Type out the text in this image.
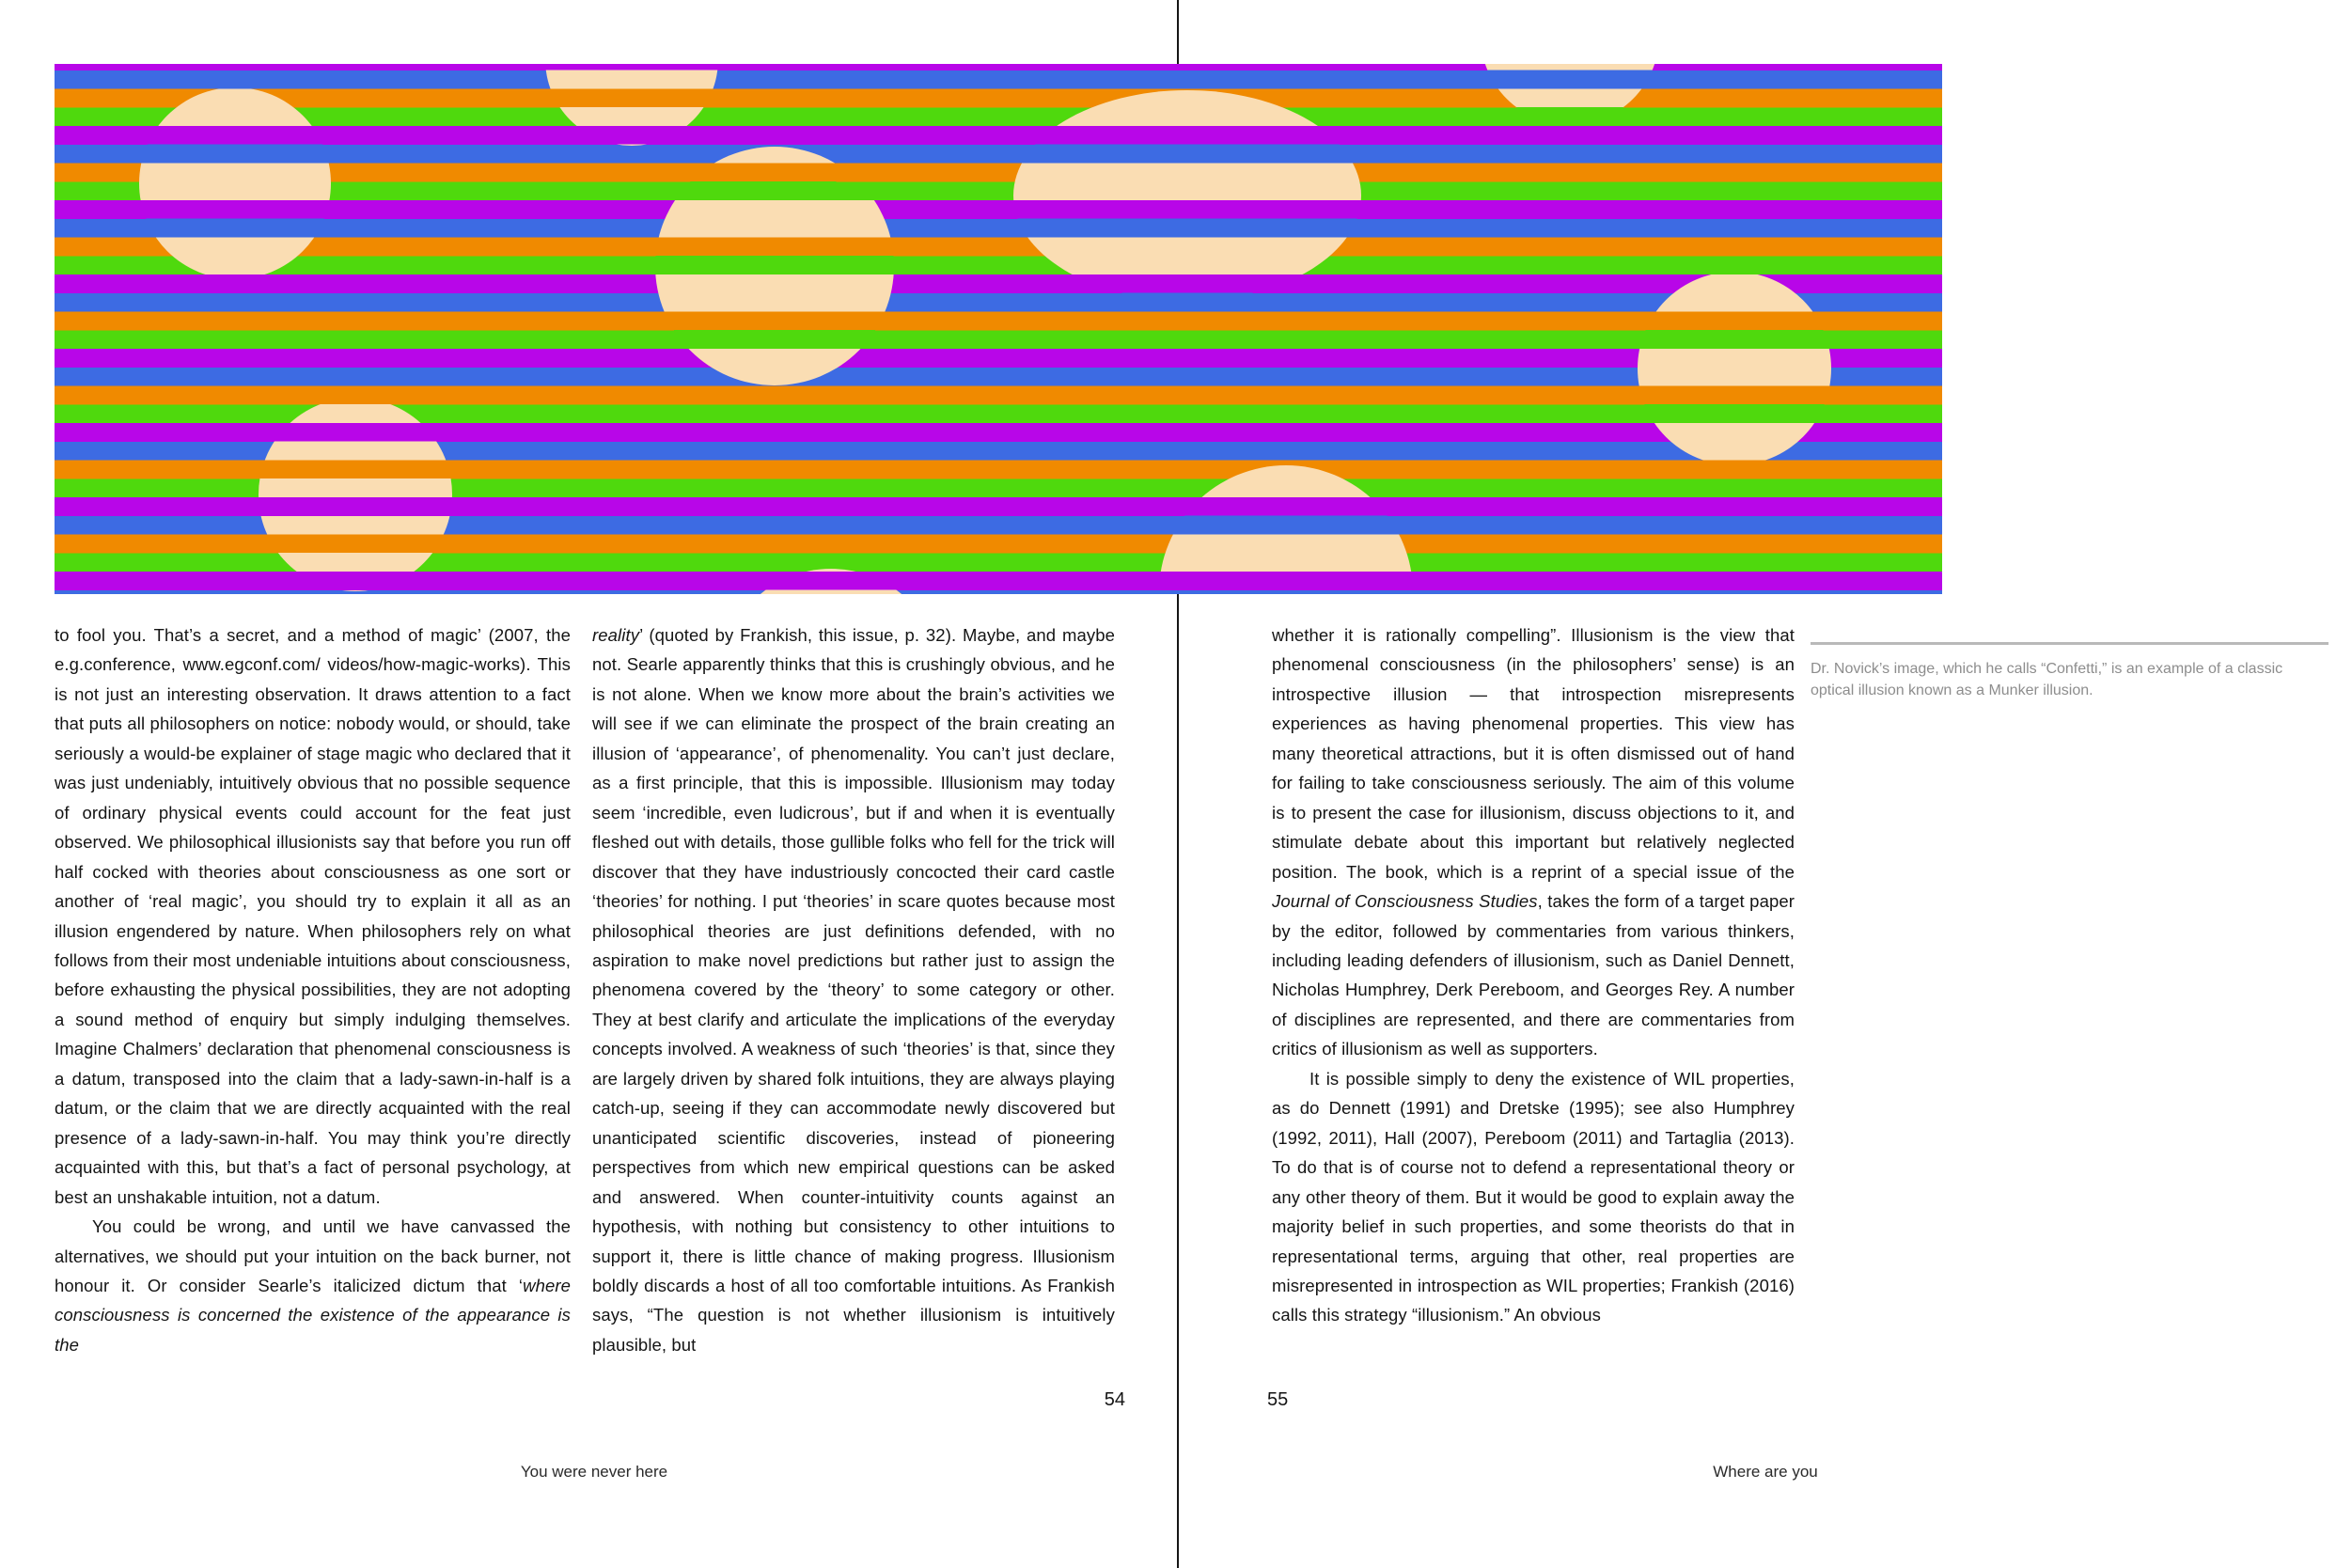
to fool you. That’s a secret, and a method of magic’ (2007, the e.g.conference, www.egconf.com/ videos/how-magic-works). This is not just an interesting observation. It draws attention to a fact that puts all philosophers on notice: nobody would, or should, take seriously a would-be explainer of stage magic who declared that it was just undeniably, intuitively obvious that no possible sequence of ordinary physical events could account for the feat just observed. We philosophical illusionists say that before you run off half cocked with theories about consciousness as one sort or another of ‘real magic’, you should try to explain it all as an illusion engendered by nature. When philosophers rely on what follows from their most undeniable intuitions about consciousness, before exhausting the physical possibilities, they are not adopting a sound method of enquiry but simply indulging themselves. Imagine Chalmers’ declaration that phenomenal consciousness is a datum, transposed into the claim that a lady-sawn-in-half is a datum, or the claim that we are directly acquainted with the real presence of a lady-sawn-in-half. You may think you’re directly acquainted with this, but that’s a fact of personal psychology, at best an unshakable intuition, not a datum.

You could be wrong, and until we have canvassed the alternatives, we should put your intuition on the back burner, not honour it. Or consider Searle’s italicized dictum that ‘where consciousness is concerned the existence of the appearance is the

reality’ (quoted by Frankish, this issue, p. 32). Maybe, and maybe not. Searle apparently thinks that this is crushingly obvious, and he is not alone. When we know more about the brain’s activities we will see if we can eliminate the prospect of the brain creating an illusion of ‘appearance’, of phenomenality. You can’t just declare, as a first principle, that this is impossible. Illusionism may today seem ‘incredible, even ludicrous’, but if and when it is eventually fleshed out with details, those gullible folks who fell for the trick will discover that they have industriously concocted their card castle ‘theories’ for nothing. I put ‘theories’ in scare quotes because most philosophical theories are just definitions defended, with no aspiration to make novel predictions but rather just to assign the phenomena covered by the ‘theory’ to some category or other. They at best clarify and articulate the implications of the everyday concepts involved. A weakness of such ‘theories’ is that, since they are largely driven by shared folk intuitions, they are always playing catch-up, seeing if they can accommodate newly discovered but unanticipated scientific discoveries, instead of pioneering perspectives from which new empirical questions can be asked and answered. When counter-intuitivity counts against an hypothesis, with nothing but consistency to other intuitions to support it, there is little chance of making progress. Illusionism boldly discards a host of all too comfortable intuitions. As Frankish says, “The question is not whether illusionism is intuitively plausible, but

whether it is rationally compelling”. Illusionism is the view that phenomenal consciousness (in the philosophers’ sense) is an introspective illusion — that introspection misrepresents experiences as having phenomenal properties. This view has many theoretical attractions, but it is often dismissed out of hand for failing to take consciousness seriously. The aim of this volume is to present the case for illusionism, discuss objections to it, and stimulate debate about this important but relatively neglected position. The book, which is a reprint of a special issue of the Journal of Consciousness Studies, takes the form of a target paper by the editor, followed by commentaries from various thinkers, including leading defenders of illusionism, such as Daniel Dennett, Nicholas Humphrey, Derk Pereboom, and Georges Rey. A number of disciplines are represented, and there are commentaries from critics of illusionism as well as supporters.

It is possible simply to deny the existence of WIL properties, as do Dennett (1991) and Dretske (1995); see also Humphrey (1992, 2011), Hall (2007), Pereboom (2011) and Tartaglia (2013). To do that is of course not to defend a representational theory or any other theory of them. But it would be good to explain away the majority belief in such properties, and some theorists do that in representational terms, arguing that other, real properties are misrepresented in introspection as WIL properties; Frankish (2016) calls this strategy “illusionism.” An obvious

Dr. Novick’s image, which he calls “Confetti,” is an example of a classic optical illusion known as a Munker illusion.
54	55
You were never here	Where are you
